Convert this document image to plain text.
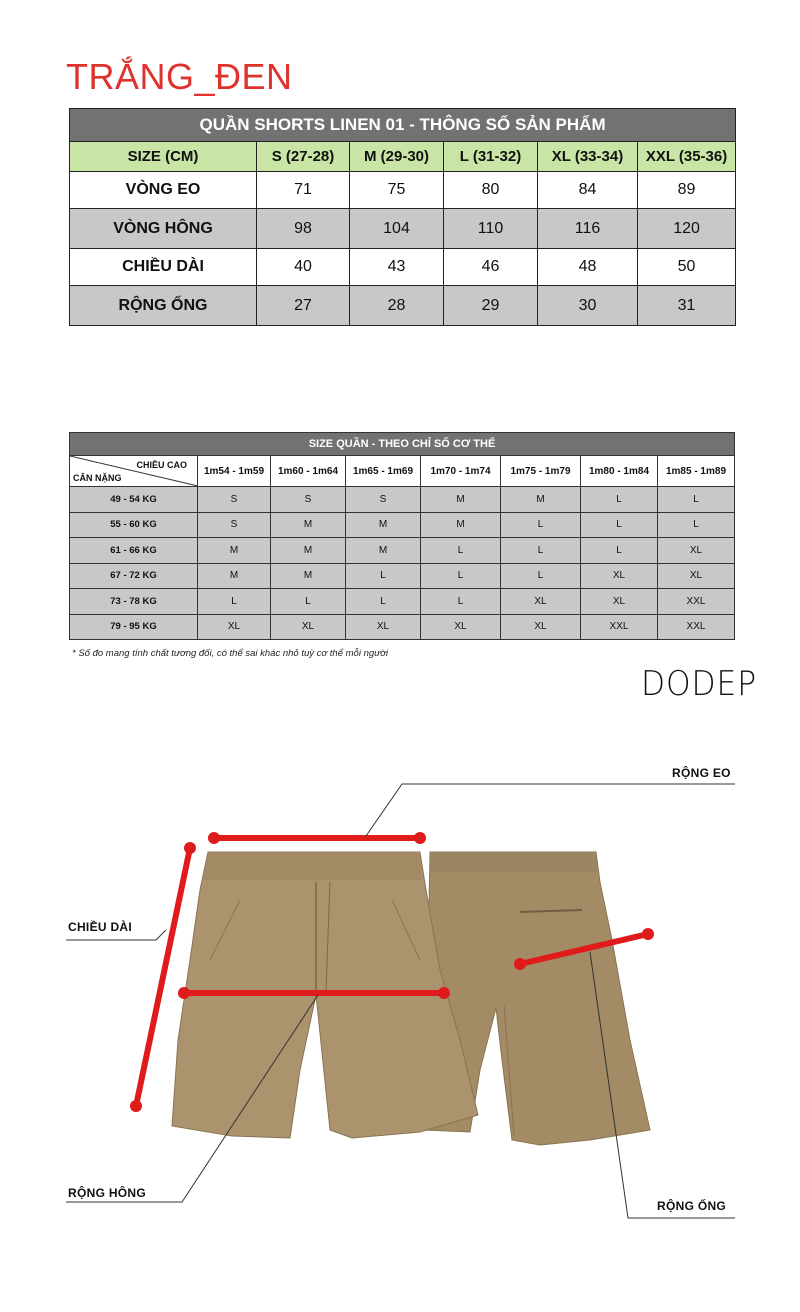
TRẮNG_ĐEN
QUẦN SHORTS LINEN 01 - THÔNG SỐ SẢN PHẨM					
SIZE (CM)	S (27-28)	M (29-30)	L (31-32)	XL (33-34)	XXL (35-36)
VÒNG EO	71	75	80	84	89
VÒNG HÔNG	98	104	110	116	120
CHIỀU DÀI	40	43	46	48	50
RỘNG ỐNG	27	28	29	30	31
SIZE QUẦN - THEO CHỈ SỐ CƠ THỂ							

CHIỀU CAO
CÂN NẶNG	1m54 - 1m59	1m60 - 1m64	1m65 - 1m69	1m70 - 1m74	1m75 - 1m79	1m80 - 1m84	1m85 - 1m89
49 - 54 KG	S	S	S	M	M	L	L
55 - 60 KG	S	M	M	M	L	L	L
61 - 66 KG	M	M	M	L	L	L	XL
67 - 72 KG	M	M	L	L	L	XL	XL
73 - 78 KG	L	L	L	L	XL	XL	XXL
79 - 95 KG	XL	XL	XL	XL	XL	XXL	XXL
* Số đo mang tính chất tương đối, có thể sai khác nhỏ tuỳ cơ thể mỗi người
DODEP
RỘNG EO
CHIỀU DÀI
RỘNG HÔNG
RỘNG ỐNG
